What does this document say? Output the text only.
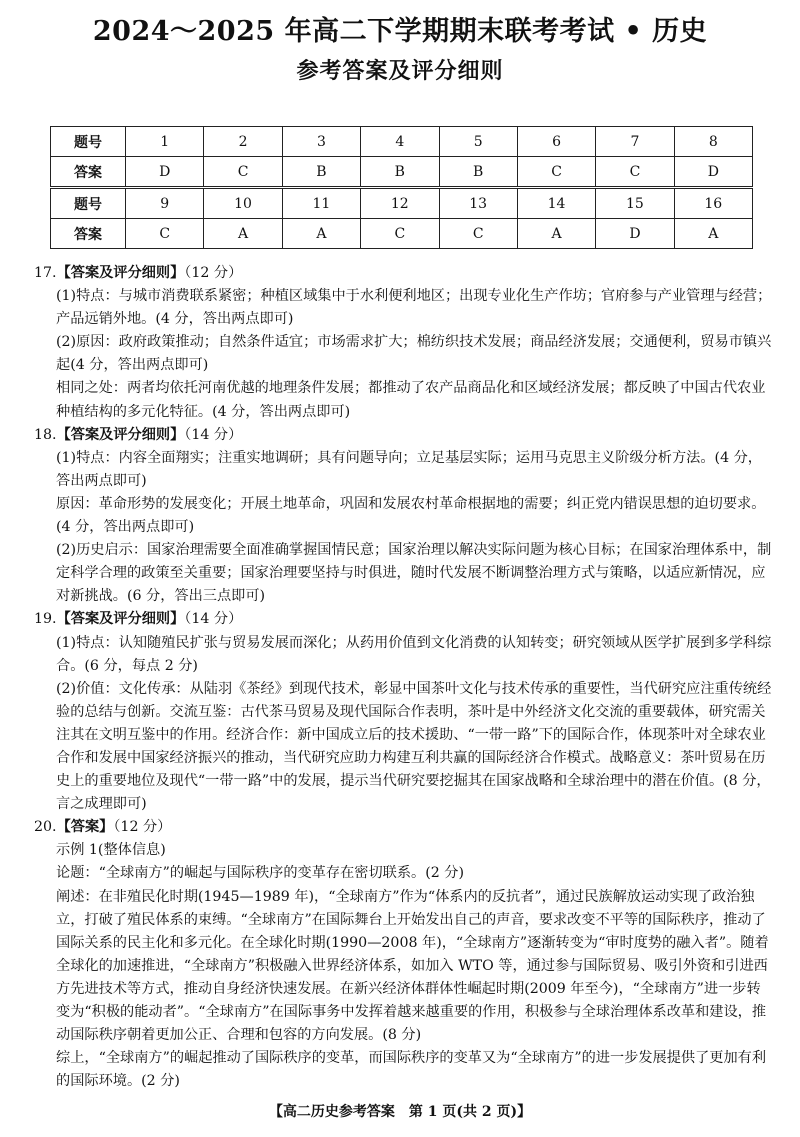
2024～2025 年高二下学期期末联考考试 • 历史
参考答案及评分细则
题号	1	2	3	4	5	6	7	8
答案	D	C	B	B	B	C	C	D
题号	9	10	11	12	13	14	15	16
答案	C	A	A	C	C	A	D	A

17.【答案及评分细则】（12 分）

(1)特点：与城市消费联系紧密；种植区域集中于水利便利地区；出现专业化生产作坊；官府参与产业管理与经营；产品远销外地。(4 分，答出两点即可)

(2)原因：政府政策推动；自然条件适宜；市场需求扩大；棉纺织技术发展；商品经济发展；交通便利，贸易市镇兴起(4 分，答出两点即可)

相同之处：两者均依托河南优越的地理条件发展；都推动了农产品商品化和区域经济发展；都反映了中国古代农业种植结构的多元化特征。(4 分，答出两点即可)

18.【答案及评分细则】（14 分）

(1)特点：内容全面翔实；注重实地调研；具有问题导向；立足基层实际；运用马克思主义阶级分析方法。(4 分，答出两点即可)

原因：革命形势的发展变化；开展土地革命，巩固和发展农村革命根据地的需要；纠正党内错误思想的迫切要求。(4 分，答出两点即可)

(2)历史启示：国家治理需要全面准确掌握国情民意；国家治理以解决实际问题为核心目标；在国家治理体系中，制定科学合理的政策至关重要；国家治理要坚持与时俱进，随时代发展不断调整治理方式与策略，以适应新情况，应对新挑战。(6 分，答出三点即可)

19.【答案及评分细则】（14 分）

(1)特点：认知随殖民扩张与贸易发展而深化；从药用价值到文化消费的认知转变；研究领域从医学扩展到多学科综合。(6 分，每点 2 分)

(2)价值：文化传承：从陆羽《茶经》到现代技术，彰显中国茶叶文化与技术传承的重要性，当代研究应注重传统经验的总结与创新。交流互鉴：古代茶马贸易及现代国际合作表明，茶叶是中外经济文化交流的重要载体，研究需关注其在文明互鉴中的作用。经济合作：新中国成立后的技术援助、“一带一路”下的国际合作，体现茶叶对全球农业合作和发展中国家经济振兴的推动，当代研究应助力构建互利共赢的国际经济合作模式。战略意义：茶叶贸易在历史上的重要地位及现代“一带一路”中的发展，提示当代研究要挖掘其在国家战略和全球治理中的潜在价值。(8 分，言之成理即可)

20.【答案】（12 分）

示例 1(整体信息)

论题：“全球南方”的崛起与国际秩序的变革存在密切联系。(2 分)

阐述：在非殖民化时期(1945—1989 年)，“全球南方”作为“体系内的反抗者”，通过民族解放运动实现了政治独立，打破了殖民体系的束缚。“全球南方”在国际舞台上开始发出自己的声音，要求改变不平等的国际秩序，推动了国际关系的民主化和多元化。在全球化时期(1990—2008 年)，“全球南方”逐渐转变为“审时度势的融入者”。随着全球化的加速推进，“全球南方”积极融入世界经济体系，如加入 WTO 等，通过参与国际贸易、吸引外资和引进西方先进技术等方式，推动自身经济快速发展。在新兴经济体群体性崛起时期(2009 年至今)，“全球南方”进一步转变为“积极的能动者”。“全球南方”在国际事务中发挥着越来越重要的作用，积极参与全球治理体系改革和建设，推动国际秩序朝着更加公正、合理和包容的方向发展。(8 分)

综上，“全球南方”的崛起推动了国际秩序的变革，而国际秩序的变革又为“全球南方”的进一步发展提供了更加有利的国际环境。(2 分)

【高二历史参考答案　第 1 页(共 2 页)】
